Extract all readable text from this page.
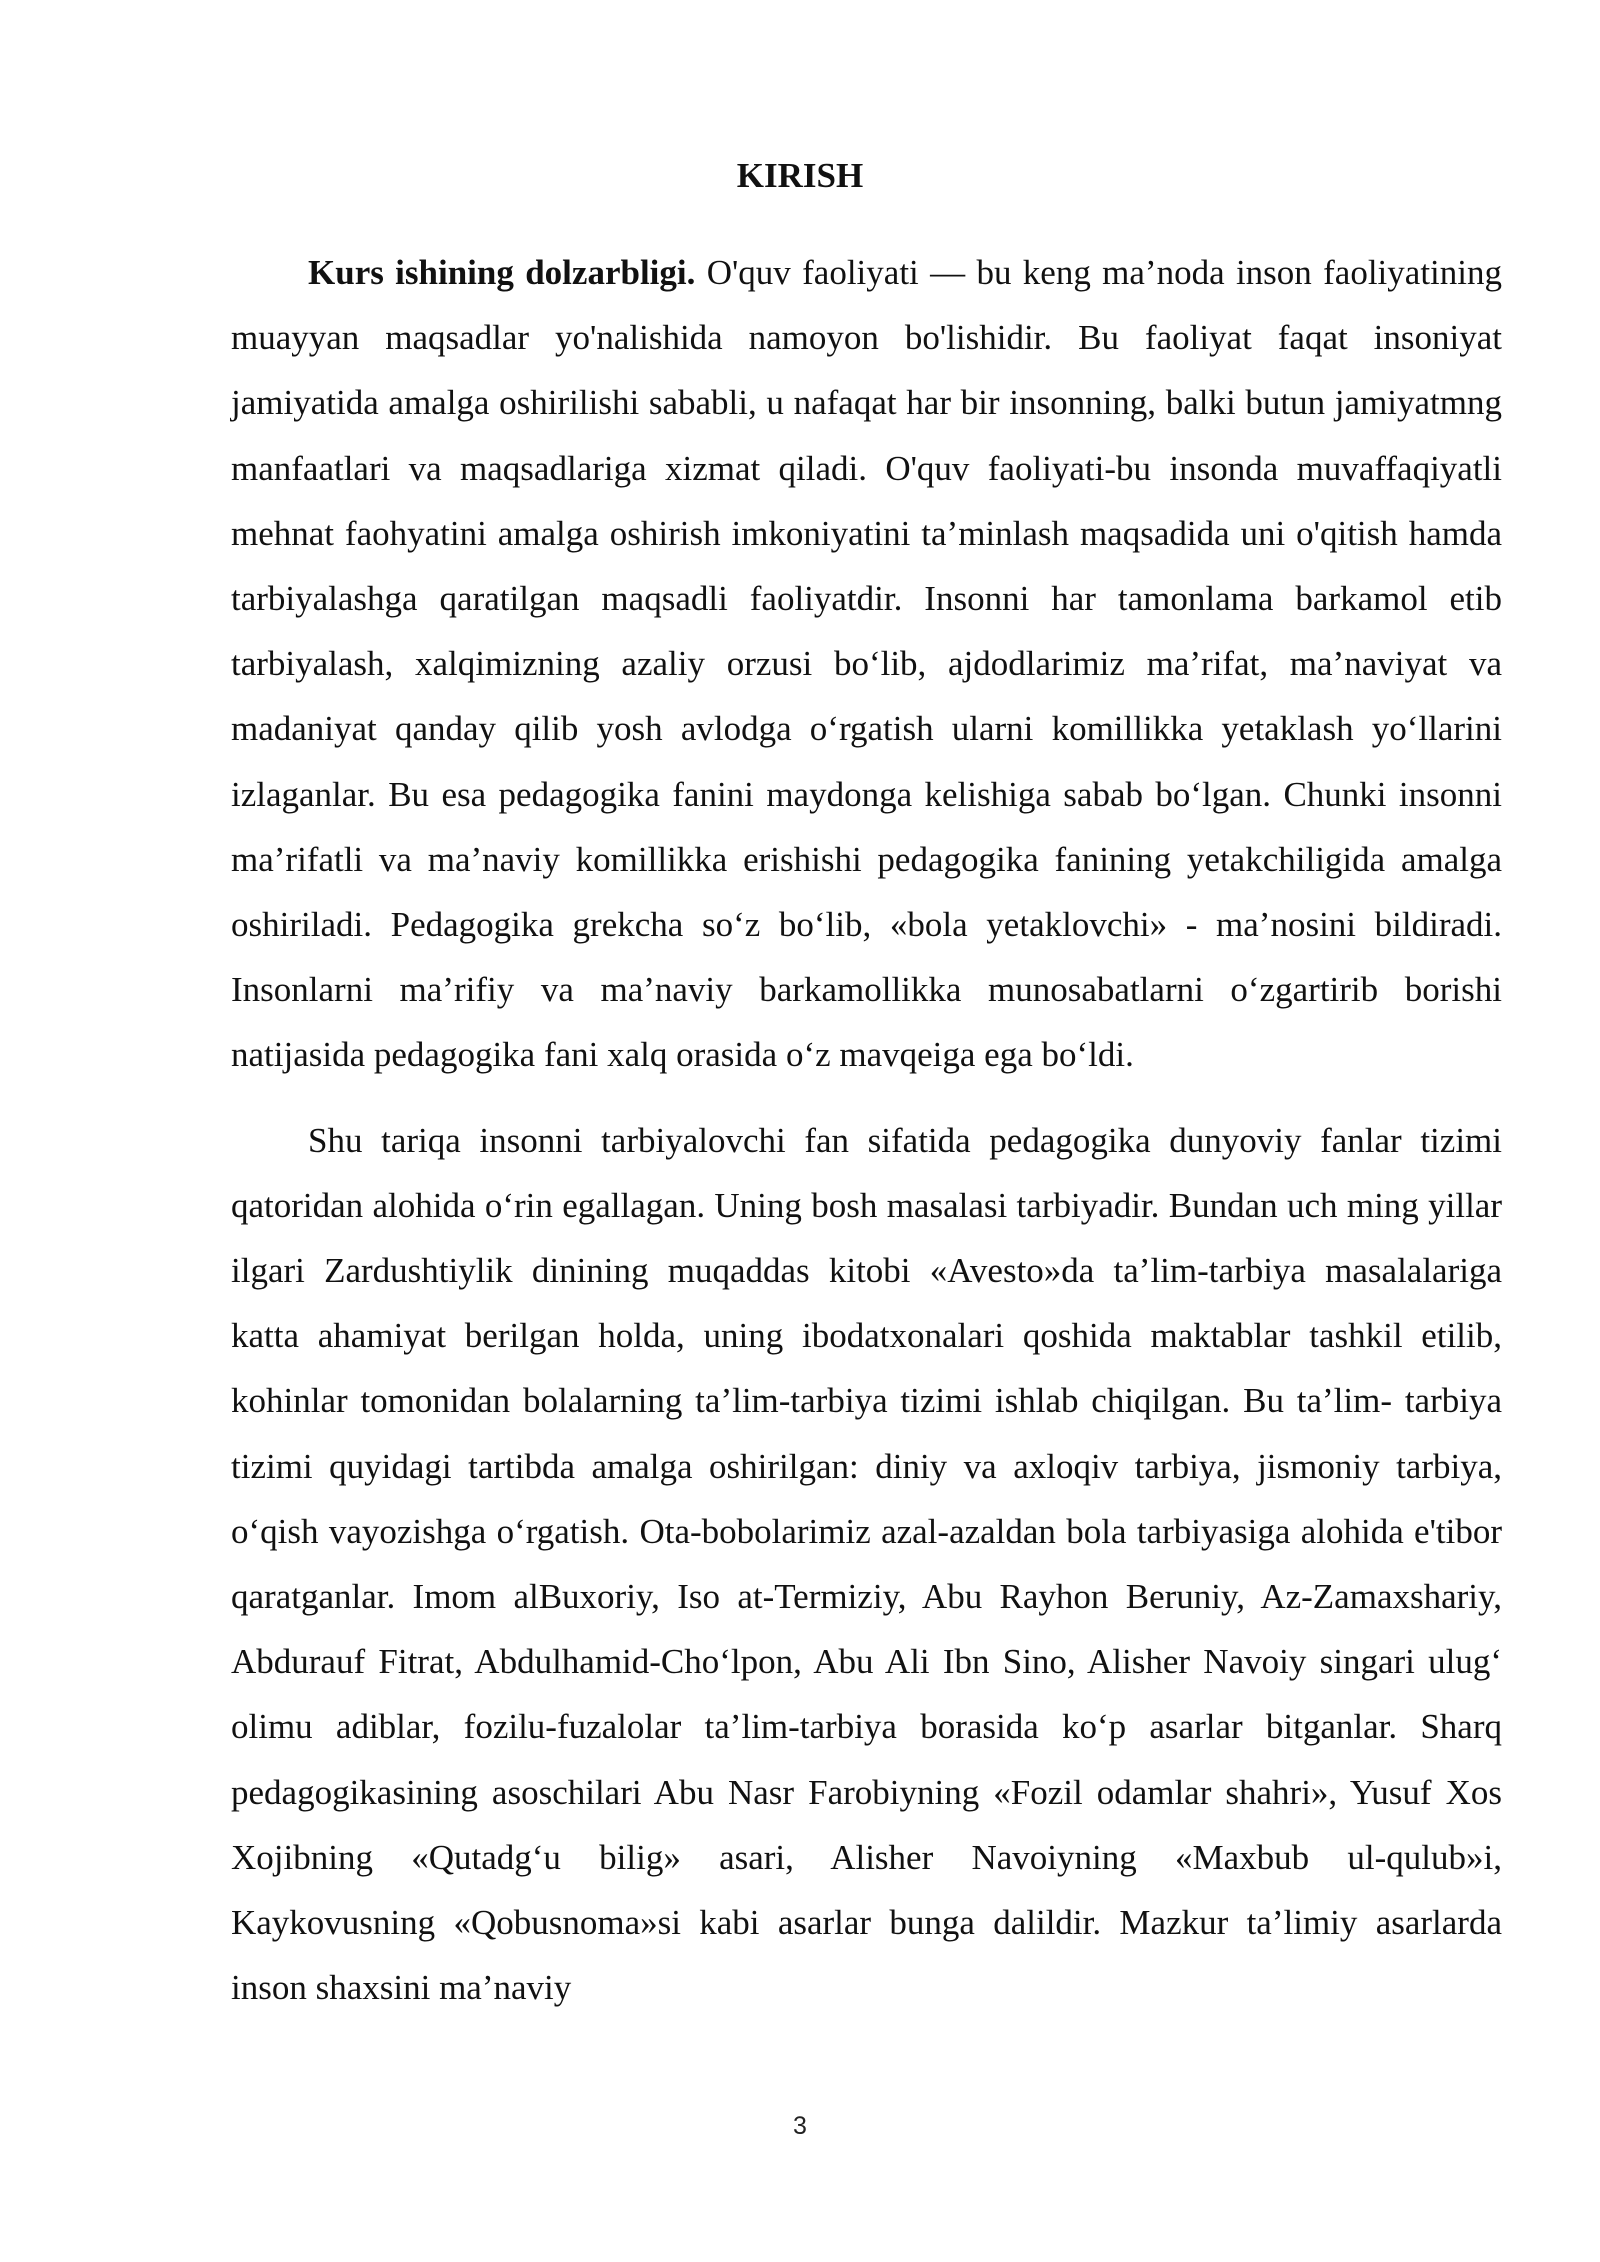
KIRISH

Kurs ishining dolzarbligi. O'quv faoliyati — bu keng ma’noda inson faoliyatining muayyan maqsadlar yo'nalishida namoyon bo'lishidir. Bu faoliyat faqat insoniyat jamiyatida amalga oshirilishi sababli, u nafaqat har bir insonning, balki butun jamiyatmng manfaatlari va maqsadlariga xizmat qiladi. O'quv faoliyati-bu insonda muvaffaqiyatli mehnat faohyatini amalga oshirish imkoniyatini ta’minlash maqsadida uni o'qitish hamda tarbiyalashga qaratilgan maqsadli faoliyatdir. Insonni har tamonlama barkamol etib tarbiyalash, xalqimizning azaliy orzusi bo‘lib, ajdodlarimiz ma’rifat, ma’naviyat va madaniyat qanday qilib yosh avlodga o‘rgatish ularni komillikka yetaklash yo‘llarini izlaganlar. Bu esa pedagogika fanini maydonga kelishiga sabab bo‘lgan. Chunki insonni ma’rifatli va ma’naviy komillikka erishishi pedagogika fanining yetakchiligida amalga oshiriladi. Pedagogika grekcha so‘z bo‘lib, «bola yetaklovchi» - ma’nosini bildiradi. Insonlarni ma’rifiy va ma’naviy barkamollikka munosabatlarni o‘zgartirib borishi natijasida pedagogika fani xalq orasida o‘z mavqeiga ega bo‘ldi.

Shu tariqa insonni tarbiyalovchi fan sifatida pedagogika dunyoviy fanlar tizimi qatoridan alohida o‘rin egallagan. Uning bosh masalasi tarbiyadir. Bundan uch ming yillar ilgari Zardushtiylik dinining muqaddas kitobi «Avesto»da ta’lim-tarbiya masalalariga katta ahamiyat berilgan holda, uning ibodatxonalari qoshida maktablar tashkil etilib, kohinlar tomonidan bolalarning ta’lim-tarbiya tizimi ishlab chiqilgan. Bu ta’lim- tarbiya tizimi quyidagi tartibda amalga oshirilgan: diniy va axloqiv tarbiya, jismoniy tarbiya, o‘qish vayozishga o‘rgatish. Ota-bobolarimiz azal-azaldan bola tarbiyasiga alohida e'tibor qaratganlar. Imom alBuxoriy, Iso at-Termiziy, Abu Rayhon Beruniy, Az-Zamaxshariy, Abdurauf Fitrat, Abdulhamid-Cho‘lpon, Abu Ali Ibn Sino, Alisher Navoiy singari ulug‘ olimu adiblar, fozilu-fuzalolar ta’lim-tarbiya borasida ko‘p asarlar bitganlar. Sharq pedagogikasining asoschilari Abu Nasr Farobiyning «Fozil odamlar shahri», Yusuf Xos Xojibning «Qutadg‘u bilig» asari, Alisher Navoiyning «Maxbub ul-qulub»i, Kaykovusning «Qobusnoma»si kabi asarlar bunga dalildir. Mazkur ta’limiy asarlarda inson shaxsini ma’naviy

3
